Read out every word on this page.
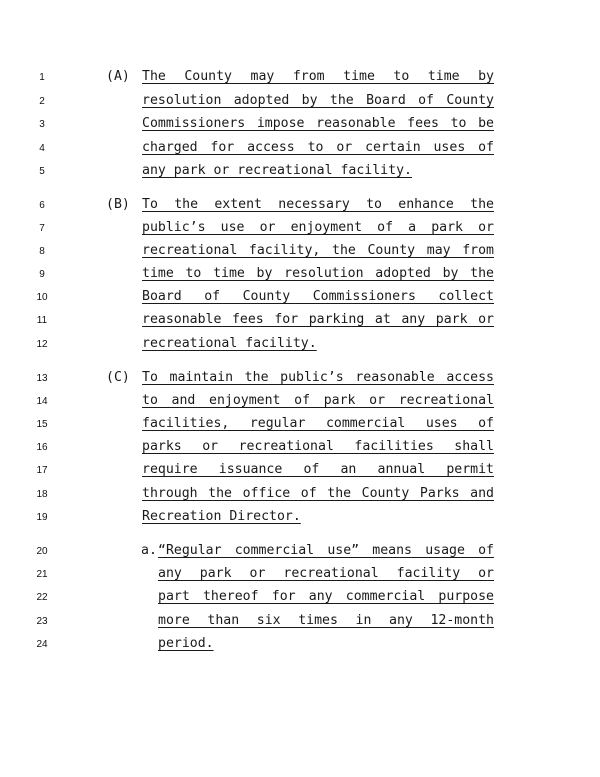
1
2
3
4
5
6
7
8
9
10
11
12
13
14
15
16
17
18
19
20
21
22
23
24
(A) The County may from time to time by
resolution adopted by the Board of County
Commissioners impose reasonable fees to be
charged for access to or certain uses of
any park or recreational facility.
(B) To the extent necessary to enhance the
public’s use or enjoyment of a park or
recreational facility, the County may from
time to time by resolution adopted by the
Board of County Commissioners collect
reasonable fees for parking at any park or
recreational facility.
(C) To maintain the public’s reasonable access
to and enjoyment of park or recreational
facilities, regular commercial uses of
parks or recreational facilities shall
require issuance of an annual permit
through the office of the County Parks and
Recreation Director.
a. “Regular commercial use” means usage of
any park or recreational facility or
part thereof for any commercial purpose
more than six times in any 12-month
period.
